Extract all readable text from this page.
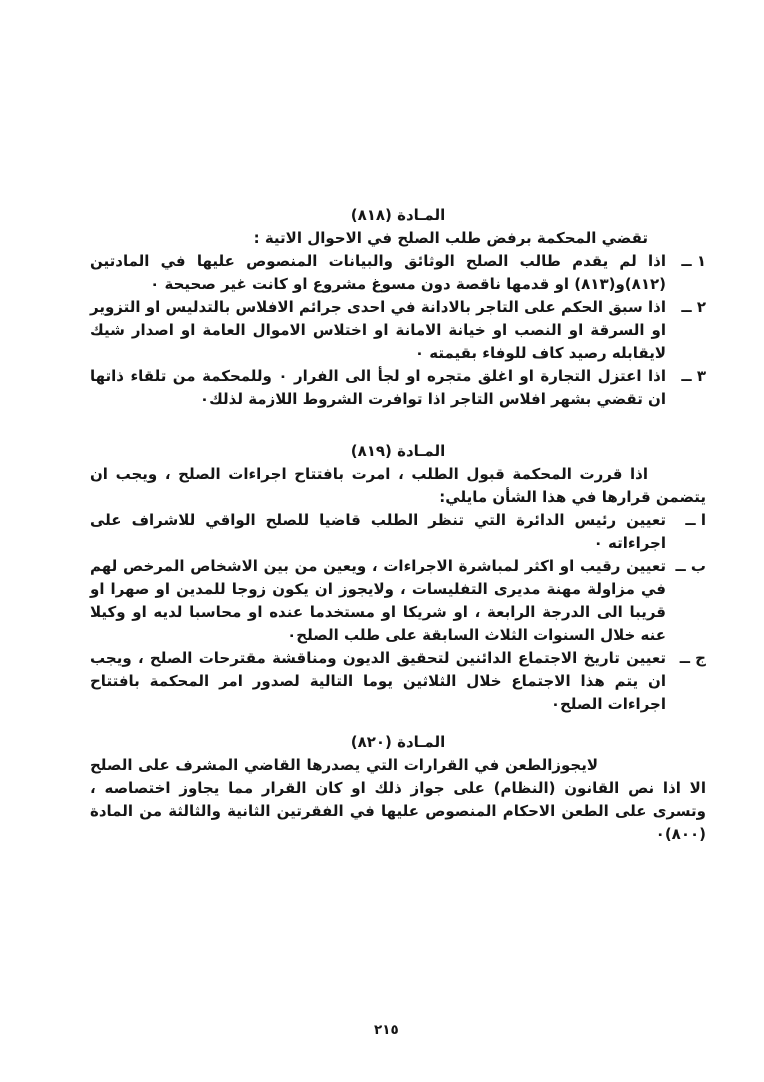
المـادة (٨١٨)

تقضي المحكمة برفض طلب الصلح في الاحوال الاتية :

١ ــ
اذا لم يقدم طالب الصلح الوثائق والبيانات المنصوص عليها في المادتين (٨١٢)و(٨١٣) او قدمها ناقصة دون مسوغ مشروع او كانت غير صحيحة ٠
٢ ــ
اذا سبق الحكم على التاجر بالادانة في احدى جرائم الافلاس بالتدليس او التزوير او السرقة او النصب او خيانة الامانة او اختلاس الاموال العامة او اصدار شيك لايقابله رصيد كاف للوفاء بقيمته ٠
٣ ــ
اذا اعتزل التجارة او اغلق متجره او لجأ الى الفرار ٠ وللمحكمة من تلقاء ذاتها ان تقضي بشهر افلاس التاجر اذا توافرت الشروط اللازمة لذلك٠
المـادة (٨١٩)

اذا قررت المحكمة قبول الطلب ، امرت بافتتاح اجراءات الصلح ، ويجب ان يتضمن قرارها في هذا الشأن مايلي:

ا ــ
تعيين رئيس الدائرة التي تنظر الطلب قاضيا للصلح الواقي للاشراف على اجراءاته ٠
ب ــ
تعيين رقيب او اكثر لمباشرة الاجراءات ، ويعين من بين الاشخاص المرخص لهم في مزاولة مهنة مديرى التفليسات ، ولايجوز ان يكون زوجا للمدين او صهرا او قريبا الى الدرجة الرابعة ، او شريكا او مستخدما عنده او محاسبا لديه او وكيلا عنه خلال السنوات الثلاث السابقة على طلب الصلح٠
ج ــ
تعيين تاريخ الاجتماع الدائنين لتحقيق الديون ومناقشة مقترحات الصلح ، ويجب ان يتم هذا الاجتماع خلال الثلاثين يوما التالية لصدور امر المحكمة بافتتاح اجراءات الصلح٠
المـادة (٨٢٠)

لايجوزالطعن في القرارات التي يصدرها القاضي المشرف على الصلح الا اذا نص القانون (النظام) على جواز ذلك او كان القرار مما يجاوز اختصاصه ، وتسرى على الطعن الاحكام المنصوص عليها في الفقرتين الثانية والثالثة من المادة (٨٠٠)٠

٢١٥
